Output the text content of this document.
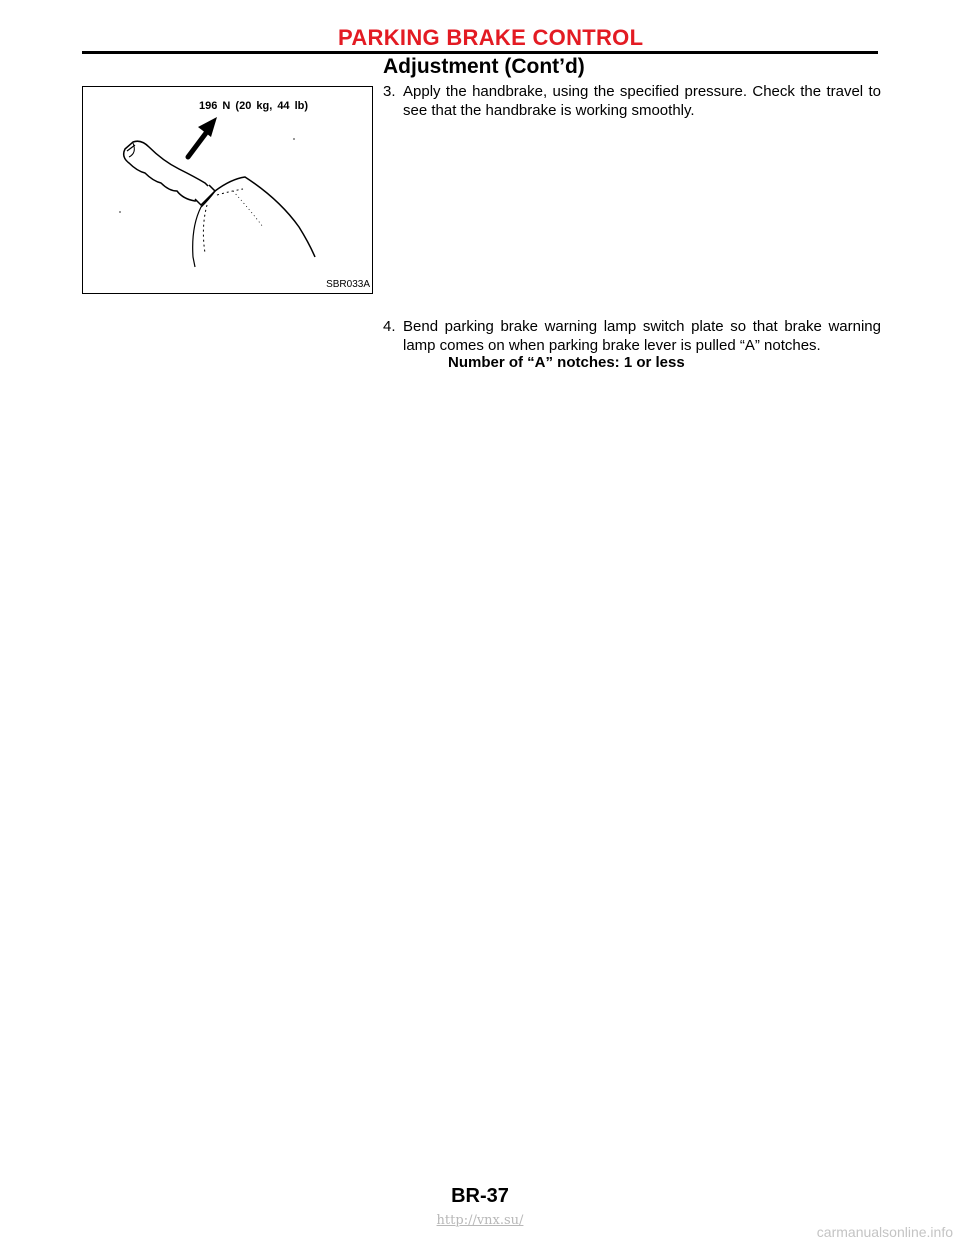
PARKING BRAKE CONTROL
Adjustment (Cont’d)
196 N (20 kg, 44 lb)
SBR033A
3. Apply the handbrake, using the specified pressure. Check the travel to see that the handbrake is working smoothly.
4. Bend parking brake warning lamp switch plate so that brake warning lamp comes on when parking brake lever is pulled “A” notches.
Number of “A” notches: 1 or less
BR-37
http://vnx.su/
carmanualsonline.info
